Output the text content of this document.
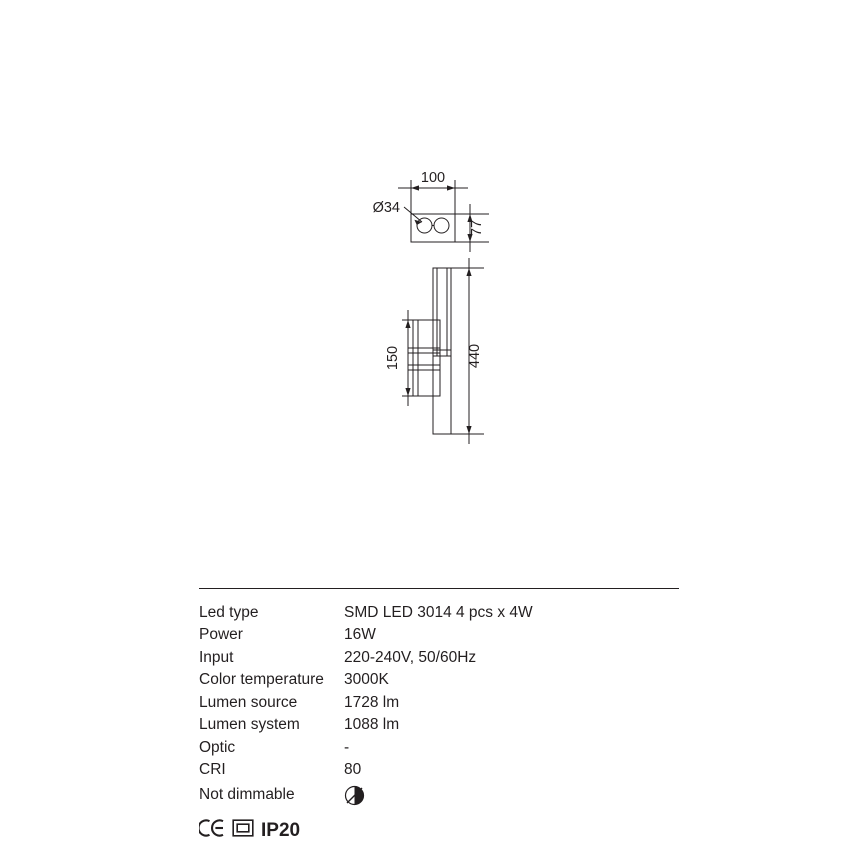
100
Ø34
77
150	440
Led type	SMD LED 3014 4 pcs x 4W
Power	16W
Input	220-240V, 50/60Hz
Color temperature	3000K
Lumen source	1728 lm
Lumen system	1088 lm
Optic	-
CRI	80
Not dimmable	
IP20
